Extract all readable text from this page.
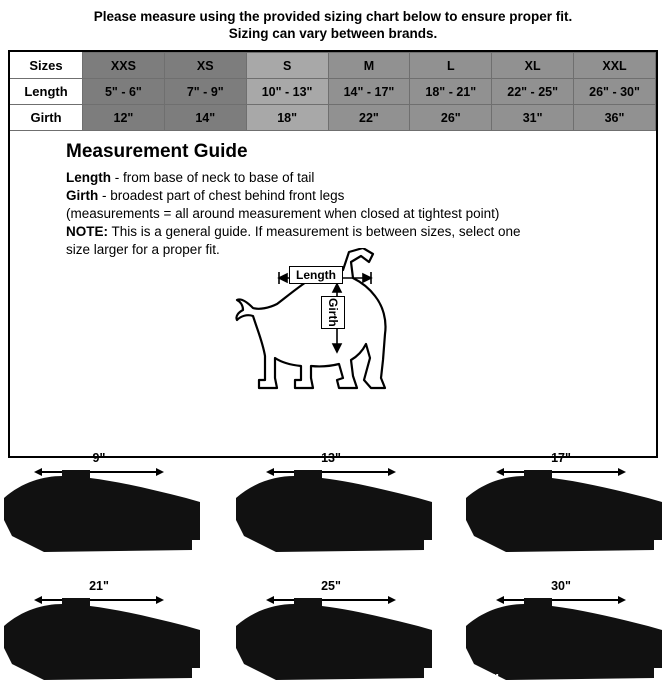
Please measure using the provided sizing chart below to ensure proper fit.
Sizing can vary between brands.
Sizes	XXS	XS	S	M	L	XL	XXL
Length	5" - 6"	7" - 9"	10" - 13"	14" - 17"	18" - 21"	22" - 25"	26" - 30"
Girth	12"	14"	18"	22"	26"	31"	36"
Measurement Guide

Length - from base of neck to base of tail

Girth - broadest part of chest behind front legs

(measurements = all around measurement when closed at tightest point)

NOTE: This is a general guide. If measurement is between sizes, select one

size larger for a proper fit.

Length
Girth
9"
XS
13"
S
17"
M
21"
L
25"
XL
30"
XXL
